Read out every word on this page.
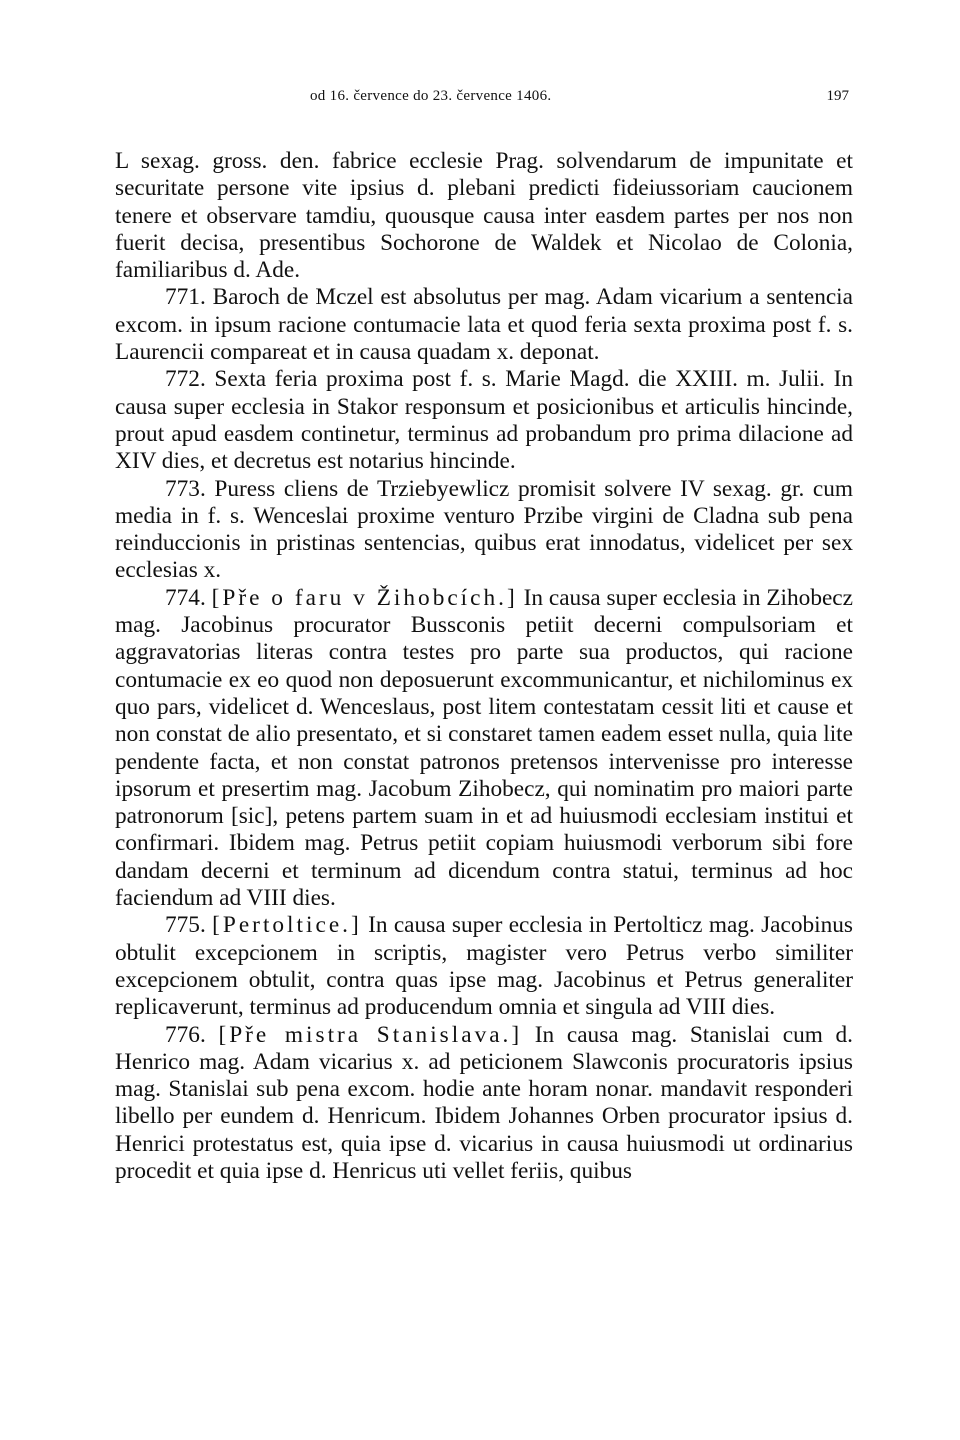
od 16. července do 23. července 1406.	197

L sexag. gross. den. fabrice ecclesie Prag. solvendarum de impunitate et securitate persone vite ipsius d. plebani predicti fideiussoriam caucionem tenere et observare tamdiu, quousque causa inter easdem partes per nos non fuerit decisa, presentibus Sochorone de Waldek et Nicolao de Colonia, familiaribus d. Ade.

771. Baroch de Mczel est absolutus per mag. Adam vicarium a sentencia excom. in ipsum racione contumacie lata et quod feria sexta proxima post f. s. Laurencii compareat et in causa quadam x. deponat.

772. Sexta feria proxima post f. s. Marie Magd. die XXIII. m. Julii. In causa super ecclesia in Stakor responsum et posicionibus et articulis hincinde, prout apud easdem continetur, terminus ad probandum pro prima dilacione ad XIV dies, et decretus est notarius hincinde.

773. Puress cliens de Trziebyewlicz promisit solvere IV sexag. gr. cum media in f. s. Wenceslai proxime venturo Przibe virgini de Cladna sub pena reinduccionis in pristinas sentencias, quibus erat innodatus, videlicet per sex ecclesias x.

774. [Pře o faru v Žihobcích.] In causa super ecclesia in Zihobecz mag. Jacobinus procurator Bussconis petiit decerni compulsoriam et aggravatorias literas contra testes pro parte sua productos, qui racione contumacie ex eo quod non deposuerunt excommunicantur, et nichilominus ex quo pars, videlicet d. Wenceslaus, post litem contestatam cessit liti et cause et non constat de alio presentato, et si constaret tamen eadem esset nulla, quia lite pendente facta, et non constat patronos pretensos intervenisse pro interesse ipsorum et presertim mag. Jacobum Zihobecz, qui nominatim pro maiori parte patronorum [sic], petens partem suam in et ad huiusmodi ecclesiam institui et confirmari. Ibidem mag. Petrus petiit copiam huiusmodi verborum sibi fore dandam decerni et terminum ad dicendum contra statui, terminus ad hoc faciendum ad VIII dies.

775. [Pertoltice.] In causa super ecclesia in Pertolticz mag. Jacobinus obtulit excepcionem in scriptis, magister vero Petrus verbo similiter excepcionem obtulit, contra quas ipse mag. Jacobinus et Petrus generaliter replicaverunt, terminus ad producendum omnia et singula ad VIII dies.

776. [Pře mistra Stanislava.] In causa mag. Stanislai cum d. Henrico mag. Adam vicarius x. ad peticionem Slawconis procuratoris ipsius mag. Stanislai sub pena excom. hodie ante horam nonar. mandavit responderi libello per eundem d. Henricum. Ibidem Johannes Orben procurator ipsius d. Henrici protestatus est, quia ipse d. vicarius in causa huiusmodi ut ordinarius procedit et quia ipse d. Henricus uti vellet feriis, quibus
